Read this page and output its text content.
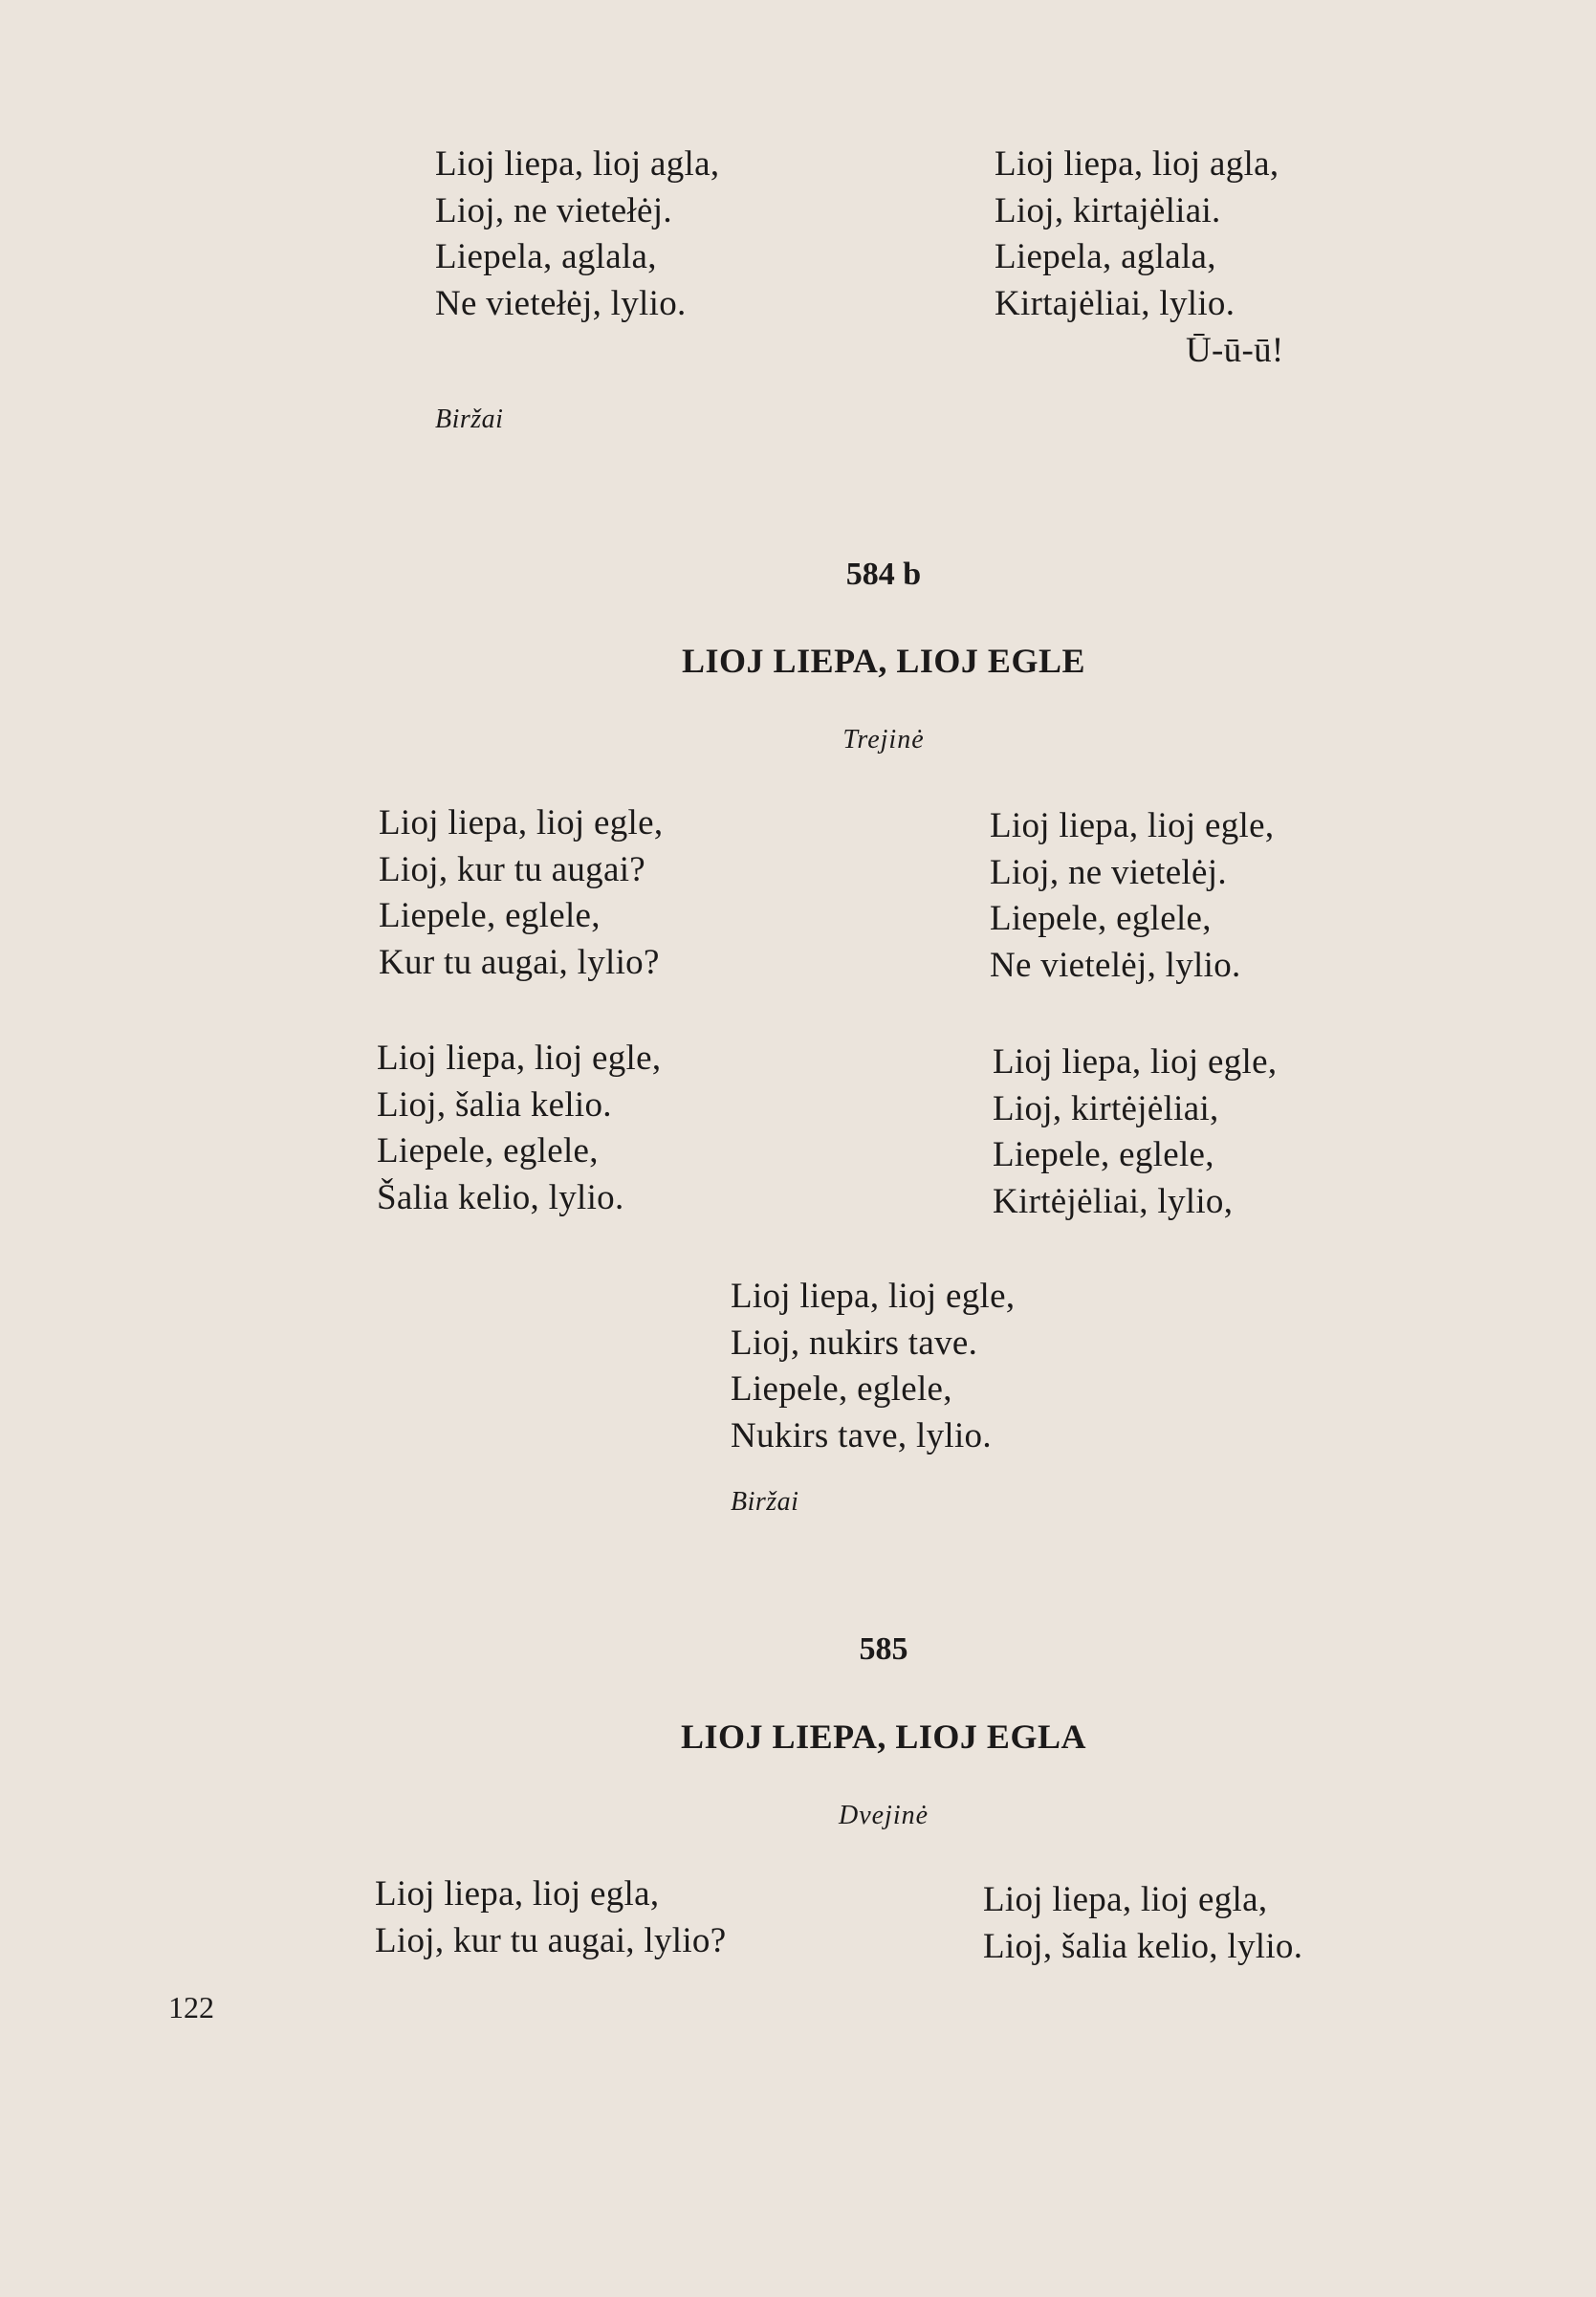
Lioj liepa, lioj agla,
Lioj, ne vietełėj.
Liepela, aglala,
Ne vietełėj, lylio.
Lioj liepa, lioj agla,
Lioj, kirtajėliai.
Liepela, aglala,
Kirtajėliai, lylio.
Ū-ū-ū!
Biržai
584 b
LIOJ LIEPA, LIOJ EGLE
Trejinė
Lioj liepa, lioj egle,
Lioj, kur tu augai?
Liepele, eglele,
Kur tu augai, lylio?
Lioj liepa, lioj egle,
Lioj, ne vietelėj.
Liepele, eglele,
Ne vietelėj, lylio.
Lioj liepa, lioj egle,
Lioj, šalia kelio.
Liepele, eglele,
Šalia kelio, lylio.
Lioj liepa, lioj egle,
Lioj, kirtėjėliai,
Liepele, eglele,
Kirtėjėliai, lylio,
Lioj liepa, lioj egle,
Lioj, nukirs tave.
Liepele, eglele,
Nukirs tave, lylio.
Biržai
585
LIOJ LIEPA, LIOJ EGLA
Dvejinė
Lioj liepa, lioj egla,
Lioj, kur tu augai, lylio?
Lioj liepa, lioj egla,
Lioj, šalia kelio, lylio.
122
